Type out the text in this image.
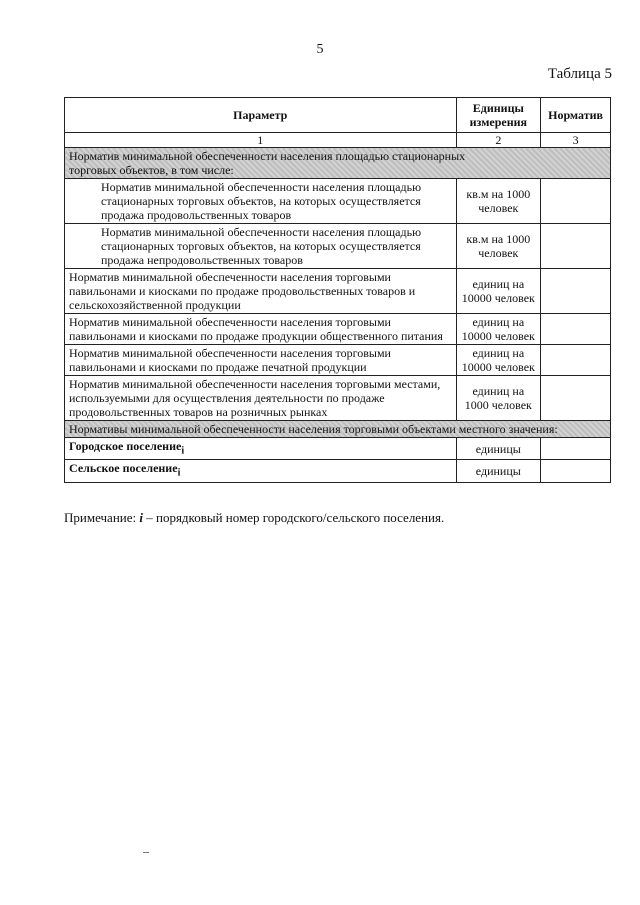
5
Таблица 5
Параметр	Единицы измерения	Норматив
1	2	3
Норматив минимальной обеспеченности населения площадью стационарных торговых объектов, в том числе:		
Норматив минимальной обеспеченности населения площадью стационарных торговых объектов, на которых осуществляется продажа продовольственных товаров	кв.м на 1000 человек	
Норматив минимальной обеспеченности населения площадью стационарных торговых объектов, на которых осуществляется продажа непродовольственных товаров	кв.м на 1000 человек	
Норматив минимальной обеспеченности населения торговыми павильонами и киосками по продаже продовольственных товаров и сельскохозяйственной продукции	единиц на 10000 человек	
Норматив минимальной обеспеченности населения торговыми павильонами и киосками по продаже продукции общественного питания	единиц на 10000 человек	
Норматив минимальной обеспеченности населения торговыми павильонами и киосками по продаже печатной продукции	единиц на 10000 человек	
Норматив минимальной обеспеченности населения торговыми местами, используемыми для осуществления деятельности по продаже продовольственных товаров на розничных рынках	единиц на 1000 человек	
Нормативы минимальной обеспеченности населения торговыми объектами местного значения:		
Городское поселение$_i$	единицы	
Сельское поселение$_i$	единицы	
Примечание: i – порядковый номер городского/сельского поселения.
